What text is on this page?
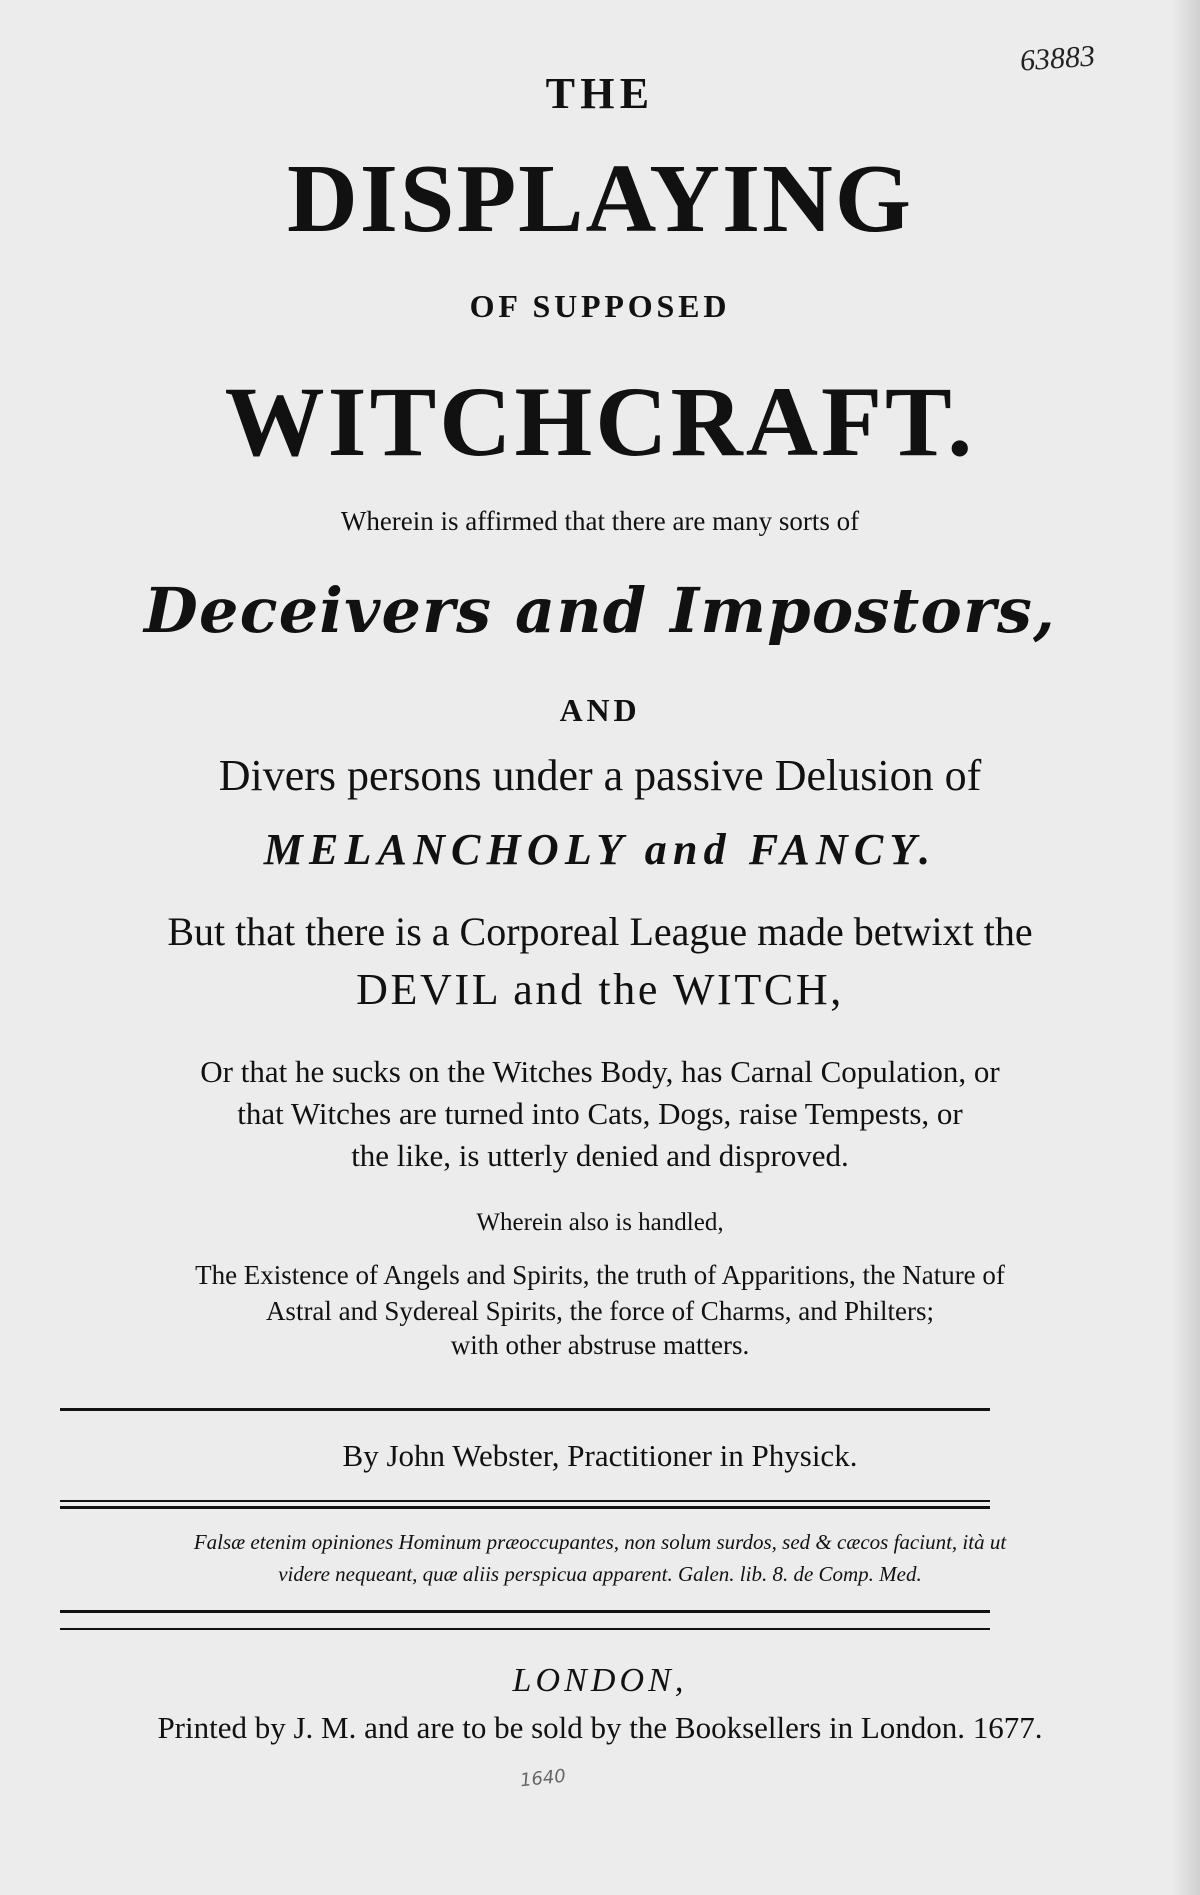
63883
THE
DISPLAYING
OF SUPPOSED
WITCHCRAFT.
Wherein is affirmed that there are many sorts of
Deceivers and Impostors,
AND
Divers persons under a passive Delusion of
MELANCHOLY and FANCY.
But that there is a Corporeal League made betwixt the
DEVIL and the WITCH,
Or that he sucks on the Witches Body, has Carnal Copulation, or
that Witches are turned into Cats, Dogs, raise Tempests, or
the like, is utterly denied and disproved.
Wherein also is handled,
The Existence of Angels and Spirits, the truth of Apparitions, the Nature of
Astral and Sydereal Spirits, the force of Charms, and Philters;
with other abstruse matters.
By John Webster, Practitioner in Physick.
Falsæ etenim opiniones Hominum præoccupantes, non solum surdos, sed & cæcos faciunt, ità ut
videre nequeant, quæ aliis perspicua apparent. Galen. lib. 8. de Comp. Med.
LONDON,
Printed by J. M. and are to be sold by the Booksellers in London. 1677.
1640
